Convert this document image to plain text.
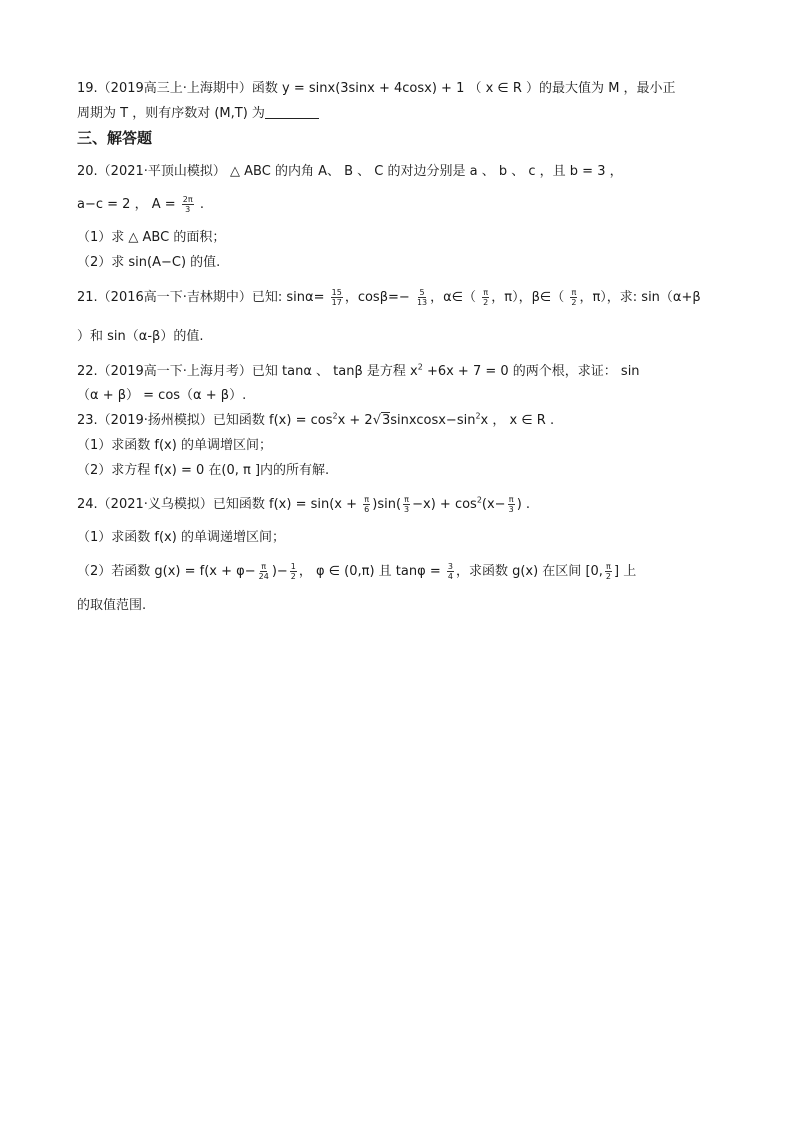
19.（2019高三上·上海期中）函数 y = sinx(3sinx + 4cosx) + 1 （ x ∈ R ）的最大值为 M ，最小正
周期为 T ，则有序数对 (M,T) 为
三、解答题
20.（2021·平顶山模拟） △ ABC 的内角 A、 B 、 C 的对边分别是 a 、 b 、 c ，且 b = 3 ，
a−c = 2 ， $A = \frac{2\pi}{3}$ .
（1）求 △ ABC 的面积；
（2）求 sin(A−C) 的值.
21.（2016高一下·吉林期中）已知: $\sin\alpha= \frac{15}{17}$ ，$\cos\beta=- \frac{5}{13}$ ，α∈（ $\frac{\pi}{2}$ ，π），β∈（ $\frac{\pi}{2}$ ，π），求: sin（α+β
）和 sin（α-β）的值.
22.（2019高一下·上海月考）已知 tanα 、 tanβ 是方程 $x^2 +6x + 7 = 0$ 的两个根，求证： sin
（α + β） = cos（α + β）.
23.（2019·扬州模拟）已知函数 $f(x) = \cos^2x$ + $2√3sinxcosx-\sin^2x$ ， x ∈ R .
（1）求函数 f(x) 的单调增区间；
（2）求方程 f(x) = 0 在(0, π ]内的所有解.
24.（2021·义乌模拟）已知函数 $f(x) = \sin(x + \frac{\pi}{6} )\sin( \frac{\pi}{3} -x) + \cos^2(x- \frac{\pi}{3}$ ) .
（1）求函数 f(x) 的单调递增区间；
（2）若函数 $g(x) = f(x + \varphi- \frac{\pi}{24}$ )− $\frac{1}{2}$ ， φ ∈ (0,π) 且 $\tan\varphi = \frac{3}{4}$ ，求函数 g(x) 在区间 [0, $\frac{\pi}{2}$ ] 上
的取值范围.
